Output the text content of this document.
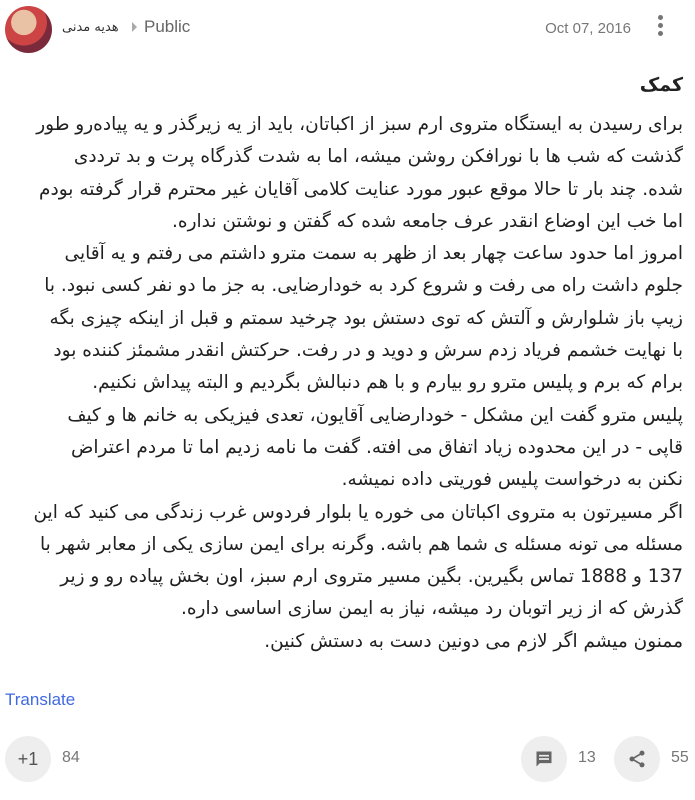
هدیه مدنی Public	Oct 07, 2016
کمک
برای رسیدن به ایستگاه متروی ارم سبز از اکباتان، باید از یه زیرگذر و یه پیاده‌رو طور
گذشت که شب ها با نورافکن روشن میشه، اما به شدت گذرگاه پرت و بد ترددی
شده. چند بار تا حالا موقع عبور مورد عنایت کلامی آقایان غیر محترم قرار گرفته بودم
اما خب این اوضاع انقدر عرف جامعه شده که گفتن و نوشتن نداره.
امروز اما حدود ساعت چهار بعد از ظهر به سمت مترو داشتم می رفتم و یه آقایی
جلوم داشت راه می رفت و شروع کرد به خودارضایی. به جز ما دو نفر کسی نبود. با
زیپ باز شلوارش و آلتش که توی دستش بود چرخید سمتم و قبل از اینکه چیزی بگه
با نهایت خشمم فریاد زدم سرش و دوید و در رفت. حرکتش انقدر مشمئز کننده بود
برام که برم و پلیس مترو رو بیارم و با هم دنبالش بگردیم و البته پیداش نکنیم.
پلیس مترو گفت این مشکل - خودارضایی آقایون، تعدی فیزیکی به خانم ها و کیف
قاپی - در این محدوده زیاد اتفاق می افته. گفت ما نامه زدیم اما تا مردم اعتراض
نکنن به درخواست پلیس فوریتی داده نمیشه.
اگر مسیرتون به متروی اکباتان می خوره یا بلوار فردوس غرب زندگی می کنید که این
مسئله می تونه مسئله ی شما هم باشه. وگرنه برای ایمن سازی یکی از معابر شهر با
137 و 1888 تماس بگیرین. بگین مسیر متروی ارم سبز، اون بخش پیاده رو و زیر
گذرش که از زیر اتوبان رد میشه، نیاز به ایمن سازی اساسی داره.
ممنون میشم اگر لازم می دونین دست به دستش کنین.
Translate
+1	84	13	55
